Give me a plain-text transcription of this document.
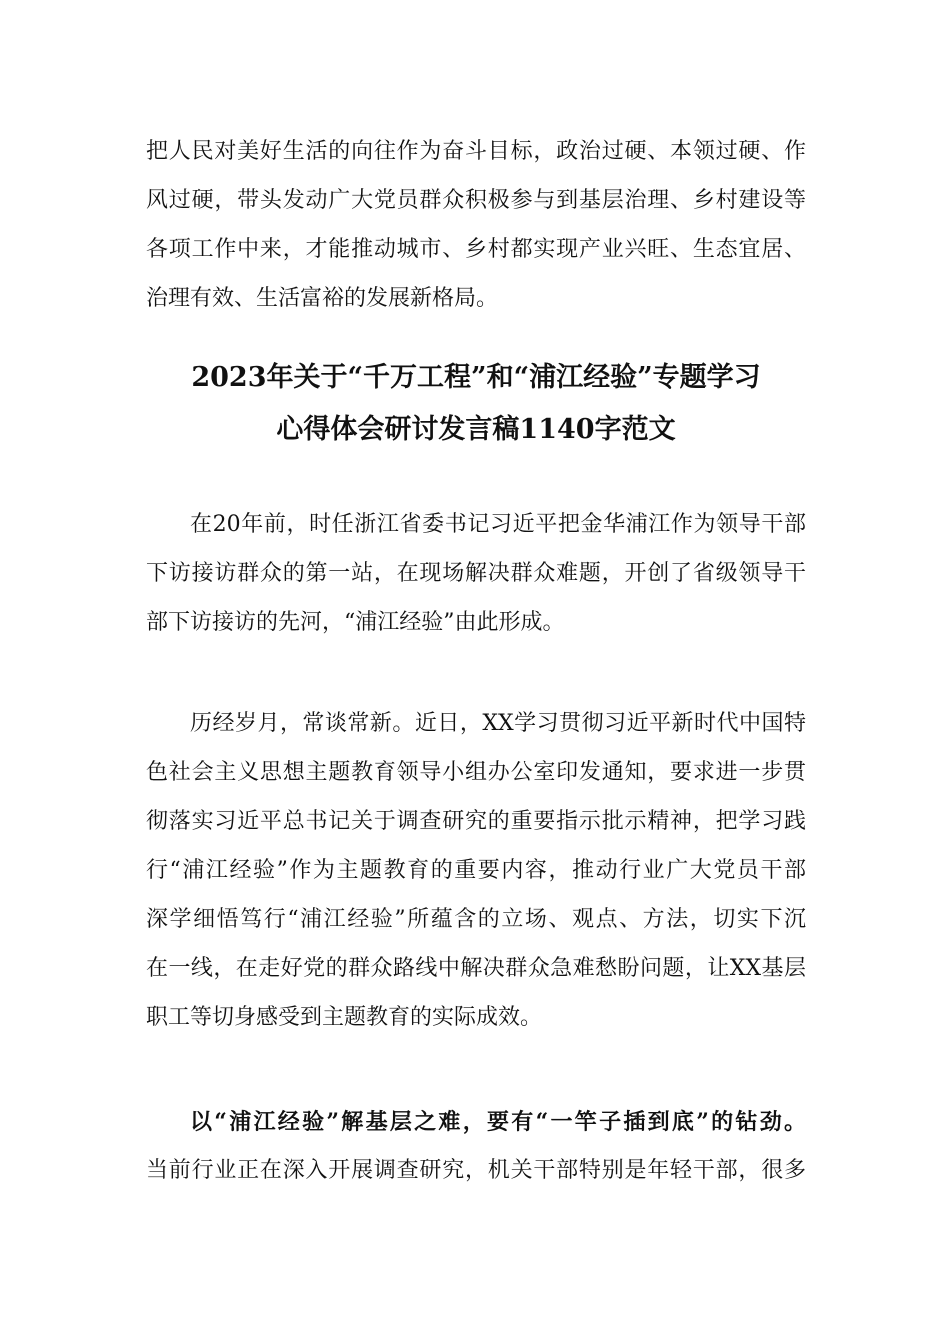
把人民对美好生活的向往作为奋斗目标，政治过硬、本领过硬、作
风过硬，带头发动广大党员群众积极参与到基层治理、乡村建设等
各项工作中来，才能推动城市、乡村都实现产业兴旺、生态宜居、
治理有效、生活富裕的发展新格局。
2023年关于“千万工程”和“浦江经验”专题学习
心得体会研讨发言稿1140字范文
在20年前，时任浙江省委书记习近平把金华浦江作为领导干部
下访接访群众的第一站，在现场解决群众难题，开创了省级领导干
部下访接访的先河，“浦江经验”由此形成。
历经岁月，常谈常新。近日，XX学习贯彻习近平新时代中国特
色社会主义思想主题教育领导小组办公室印发通知，要求进一步贯
彻落实习近平总书记关于调查研究的重要指示批示精神，把学习践
行“浦江经验”作为主题教育的重要内容，推动行业广大党员干部
深学细悟笃行“浦江经验”所蕴含的立场、观点、方法，切实下沉
在一线，在走好党的群众路线中解决群众急难愁盼问题，让XX基层
职工等切身感受到主题教育的实际成效。
以“浦江经验”解基层之难，要有“一竿子插到底”的钻劲。
当前行业正在深入开展调查研究，机关干部特别是年轻干部，很多
